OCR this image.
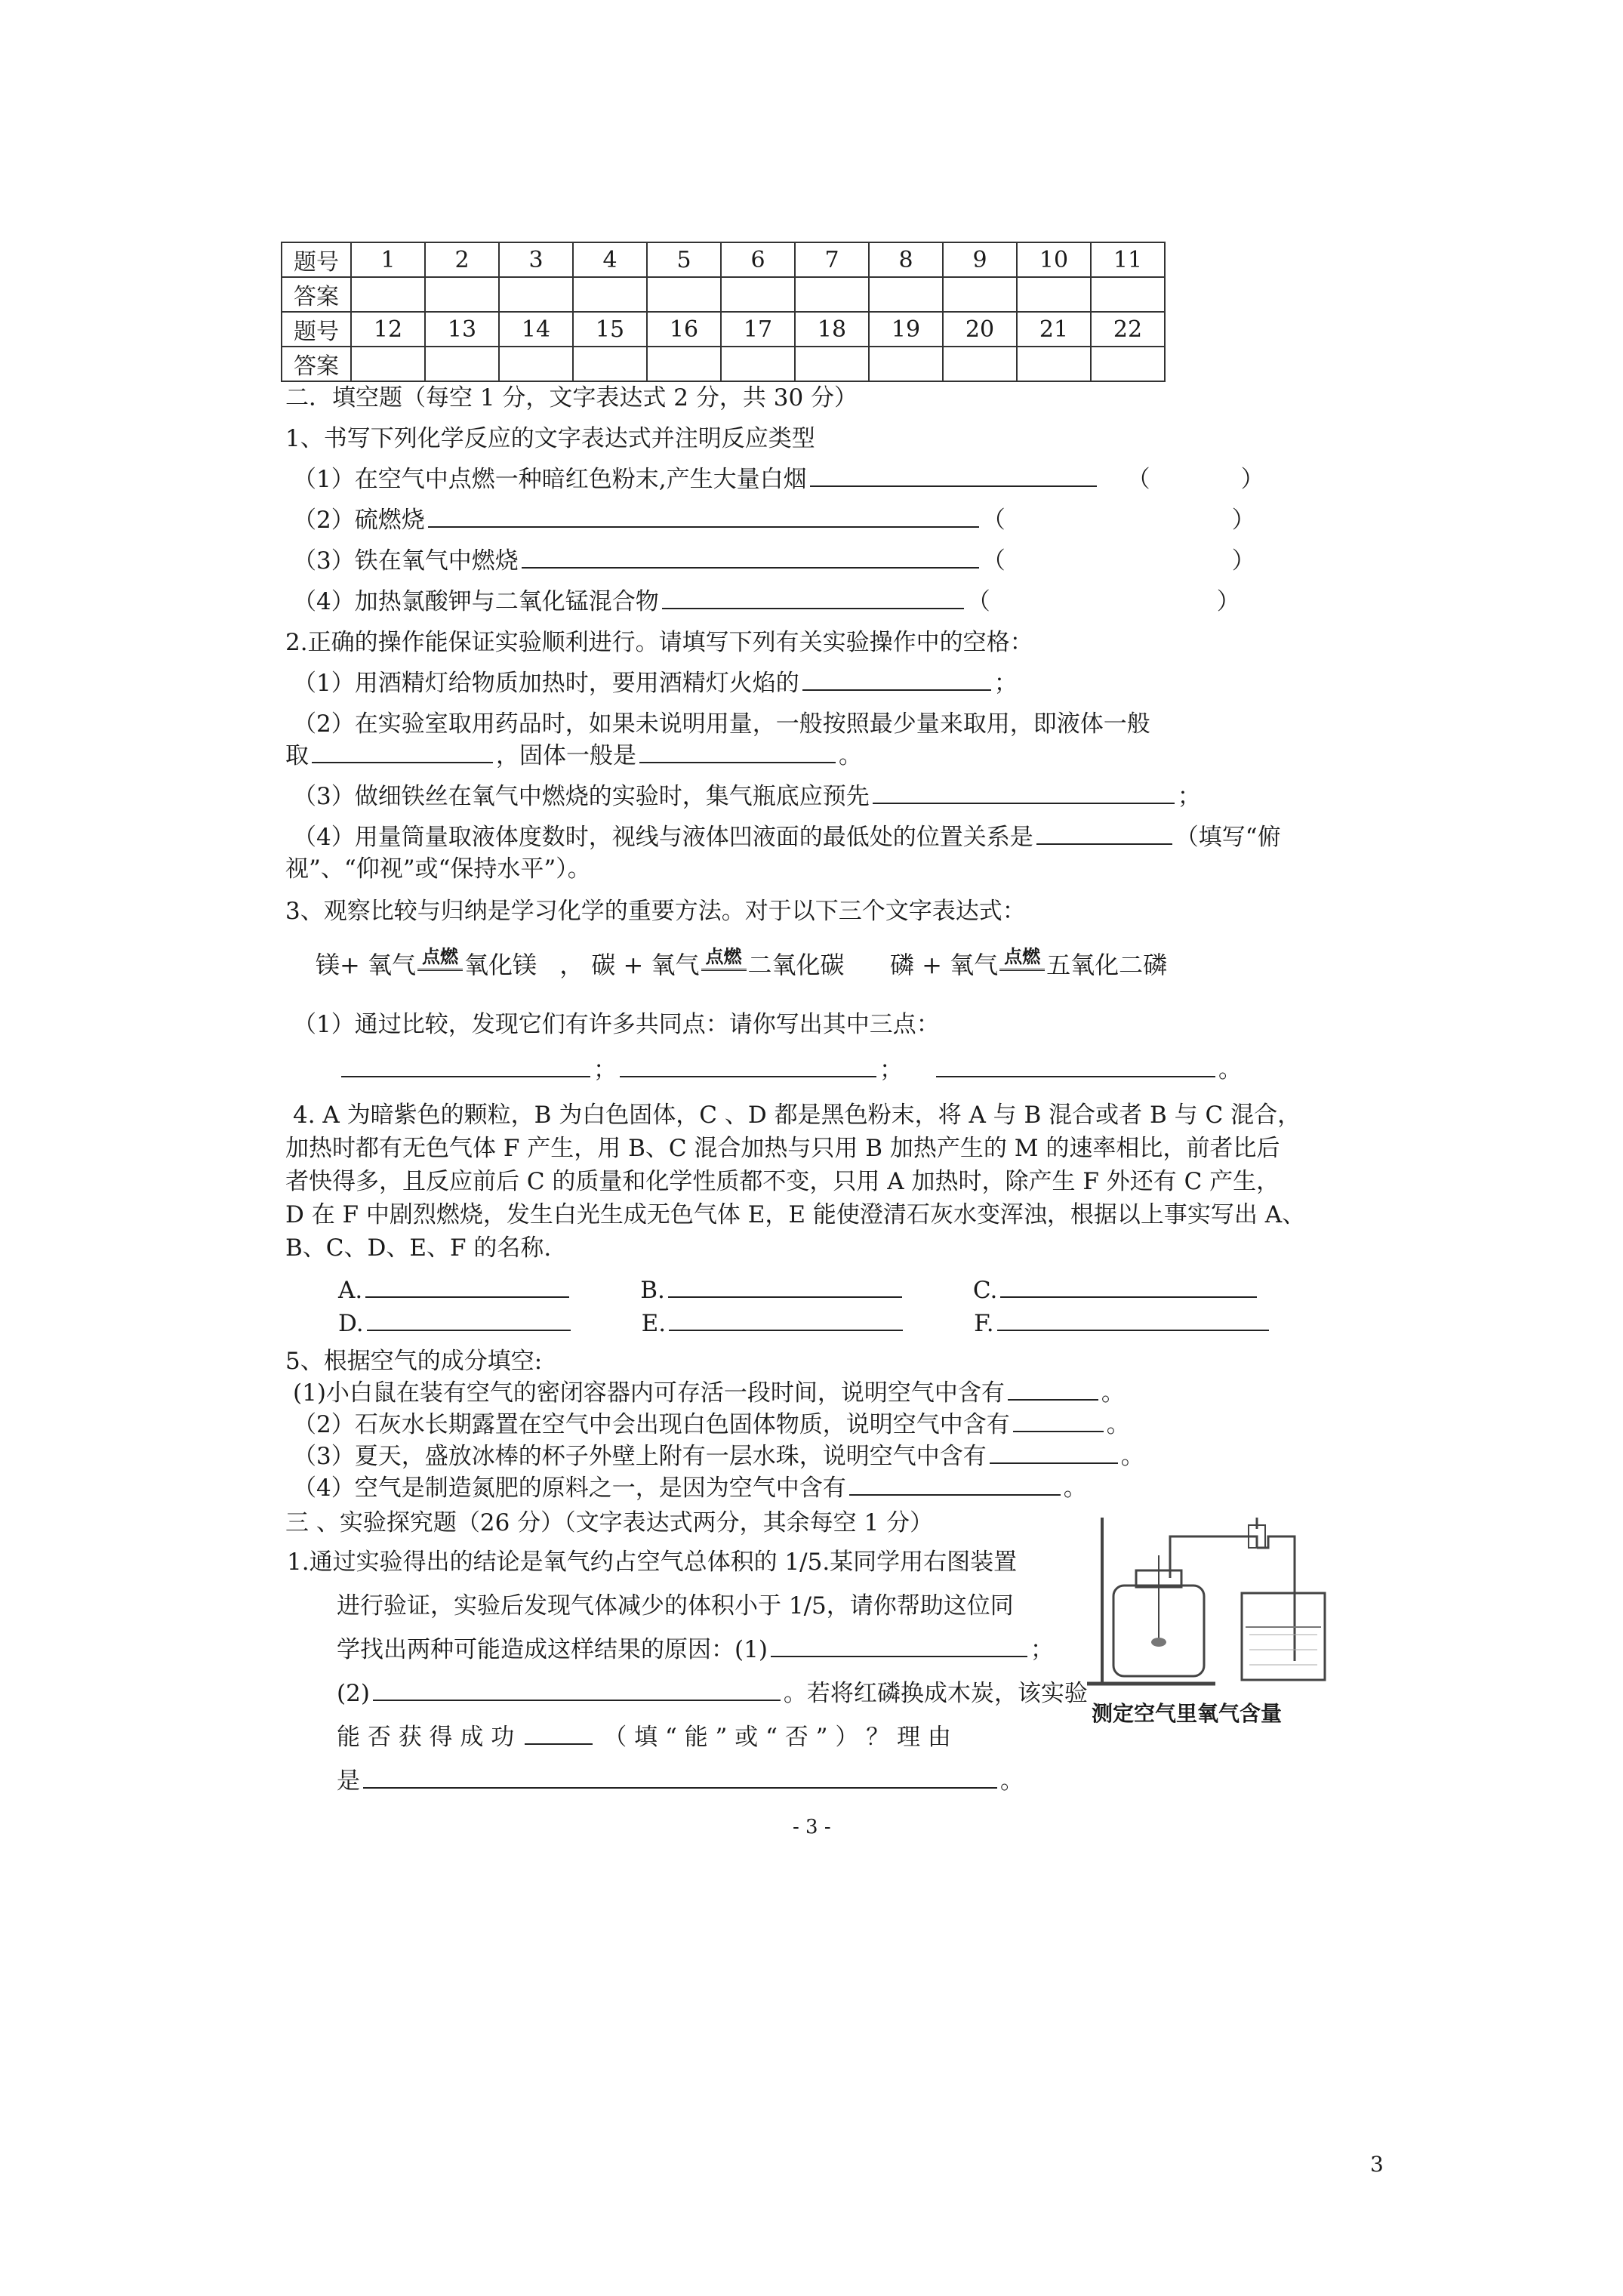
题号	1	2	3	4	5	6	7	8	9	10	11
答案											
题号	12	13	14	15	16	17	18	19	20	21	22
答案											
二．填空题（每空 1 分，文字表达式 2 分，共 30 分）
1、书写下列化学反应的文字表达式并注明反应类型
（1）在空气中点燃一种暗红色粉末,产生大量白烟	（	）
（2）硫燃烧	（	）
（3）铁在氧气中燃烧	（	）
（4）加热氯酸钾与二氧化锰混合物	（	）
2.正确的操作能保证实验顺利进行。请填写下列有关实验操作中的空格：
（1）用酒精灯给物质加热时，要用酒精灯火焰的	；
（2）在实验室取用药品时，如果未说明用量，一般按照最少量来取用，即液体一般
取	，固体一般是	。
（3）做细铁丝在氧气中燃烧的实验时，集气瓶底应预先	；
（4）用量筒量取液体度数时，视线与液体凹液面的最低处的位置关系是	（填写“俯
视”、“仰视”或“保持水平”）。
3、观察比较与归纳是学习化学的重要方法。对于以下三个文字表达式：
镁+ 氧气 点燃 氧化镁 ， 碳 + 氧气 点燃 二氧化碳 磷 + 氧气 点燃 五氧化二磷
（1）通过比较，发现它们有许多共同点：请你写出其中三点：
；	；	。
4. A 为暗紫色的颗粒，B 为白色固体，C 、D 都是黑色粉末，将 A 与 B 混合或者 B 与 C 混合，
加热时都有无色气体 F 产生，用 B、C 混合加热与只用 B 加热产生的 M 的速率相比，前者比后
者快得多，且反应前后 C 的质量和化学性质都不变，只用 A 加热时，除产生 F 外还有 C 产生，
D 在 F 中剧烈燃烧，发生白光生成无色气体 E，E 能使澄清石灰水变浑浊，根据以上事实写出 A、
B、C、D、E、F 的名称.
A.	B.	C.
D.	E.	F.
5、根据空气的成分填空:
(1)小白鼠在装有空气的密闭容器内可存活一段时间，说明空气中含有	。
（2）石灰水长期露置在空气中会出现白色固体物质，说明空气中含有	。
（3）夏天，盛放冰棒的杯子外壁上附有一层水珠，说明空气中含有	。
（4）空气是制造氮肥的原料之一，是因为空气中含有	。
三 、实验探究题（26 分）（文字表达式两分，其余每空 1 分）
1.通过实验得出的结论是氧气约占空气总体积的 1/5.某同学用右图装置
进行验证，实验后发现气体减少的体积小于 1/5，请你帮助这位同
学找出两种可能造成这样结果的原因：(1)	；
(2)	。若将红磷换成木炭，该实验
能 否 获 得 成 功	（ 填 “ 能 ” 或 “ 否 ” ） ？ 理 由
是	。
测定空气里氧气含量
- 3 -
3
